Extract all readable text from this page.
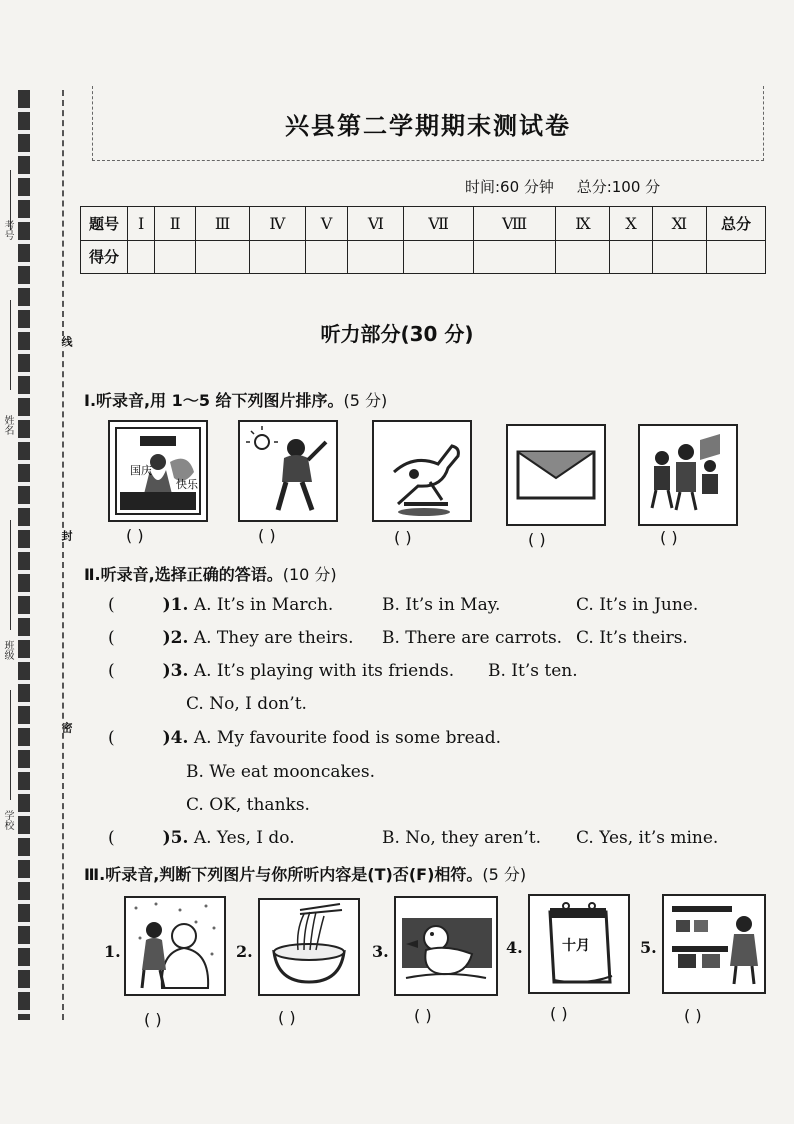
考号
姓名
班级
学校
线
封
密
兴县第二学期期末测试卷
时间:60 分钟 总分:100 分
题号	I	Ⅱ	Ⅲ	Ⅳ	Ⅴ	Ⅵ	Ⅶ	Ⅷ	Ⅸ	Ⅹ	Ⅺ	总分
得分												
听力部分(30 分)
Ⅰ.听录音,用 1～5 给下列图片排序。(5 分)
国庆
快乐
( )	( )	( )	( )	( )
Ⅱ.听录音,选择正确的答语。(10 分)
(	)1. A. It’s in March.	B. It’s in May.	C. It’s in June.
(	)2. A. They are theirs. B. There are carrots. C. It’s theirs.
(	)3. A. It’s playing with its friends. B. It’s ten.
C. No, I don’t.
(	)4. A. My favourite food is some bread.
B. We eat mooncakes.
C. OK, thanks.
(	)5. A. Yes, I do.	B. No, they aren’t. C. Yes, it’s mine.
Ⅲ.听录音,判断下列图片与你所听内容是(T)否(F)相符。(5 分)
1.	2.	3.	4.	十月	5.
( )	( )	( )	( )	( )
